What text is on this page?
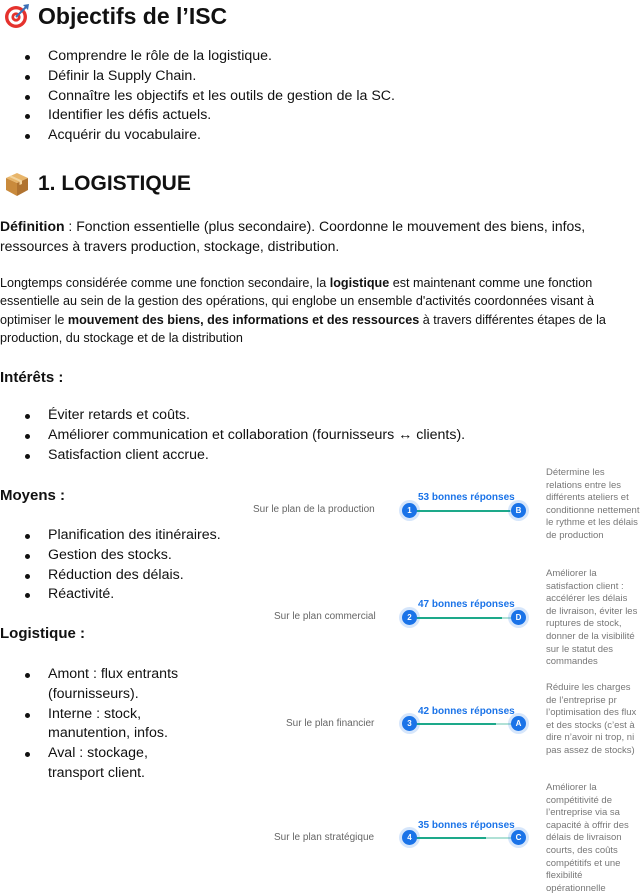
Objectifs de l’ISC
Comprendre le rôle de la logistique.
Définir la Supply Chain.
Connaître les objectifs et les outils de gestion de la SC.
Identifier les défis actuels.
Acquérir du vocabulaire.
1. LOGISTIQUE
Définition : Fonction essentielle (plus secondaire). Coordonne le mouvement des biens, infos, ressources à travers production, stockage, distribution.
Longtemps considérée comme une fonction secondaire, la logistique est maintenant comme une fonction essentielle au sein de la gestion des opérations, qui englobe un ensemble d'activités coordonnées visant à optimiser le mouvement des biens, des informations et des ressources à travers différentes étapes de la production, du stockage et de la distribution
Intérêts :
Éviter retards et coûts.
Améliorer communication et collaboration (fournisseurs ↔ clients).
Satisfaction client accrue.
Moyens :
Planification des itinéraires.
Gestion des stocks.
Réduction des délais.
Réactivité.
Logistique :
Amont : flux entrants (fournisseurs).
Interne : stock, manutention, infos.
Aval : stockage, transport client.
Sur le plan de la production
53 bonnes réponses
1	B
Détermine les relations entre les différents ateliers et conditionne nettement le rythme et les délais de production
Sur le plan commercial
47 bonnes réponses
2	D
Améliorer la satisfaction client : accélérer les délais de livraison, éviter les ruptures de stock, donner de la visibilité sur le statut des commandes
Sur le plan financier
42 bonnes réponses
3	A
Réduire les charges de l’entreprise pr l’optimisation des flux et des stocks (c’est à dire n’avoir ni trop, ni pas assez de stocks)
Sur le plan stratégique
35 bonnes réponses
4	C
Améliorer la compétitivité de l’entreprise via sa capacité à offrir des délais de livraison courts, des coûts compétitifs et une flexibilité opérationnelle
